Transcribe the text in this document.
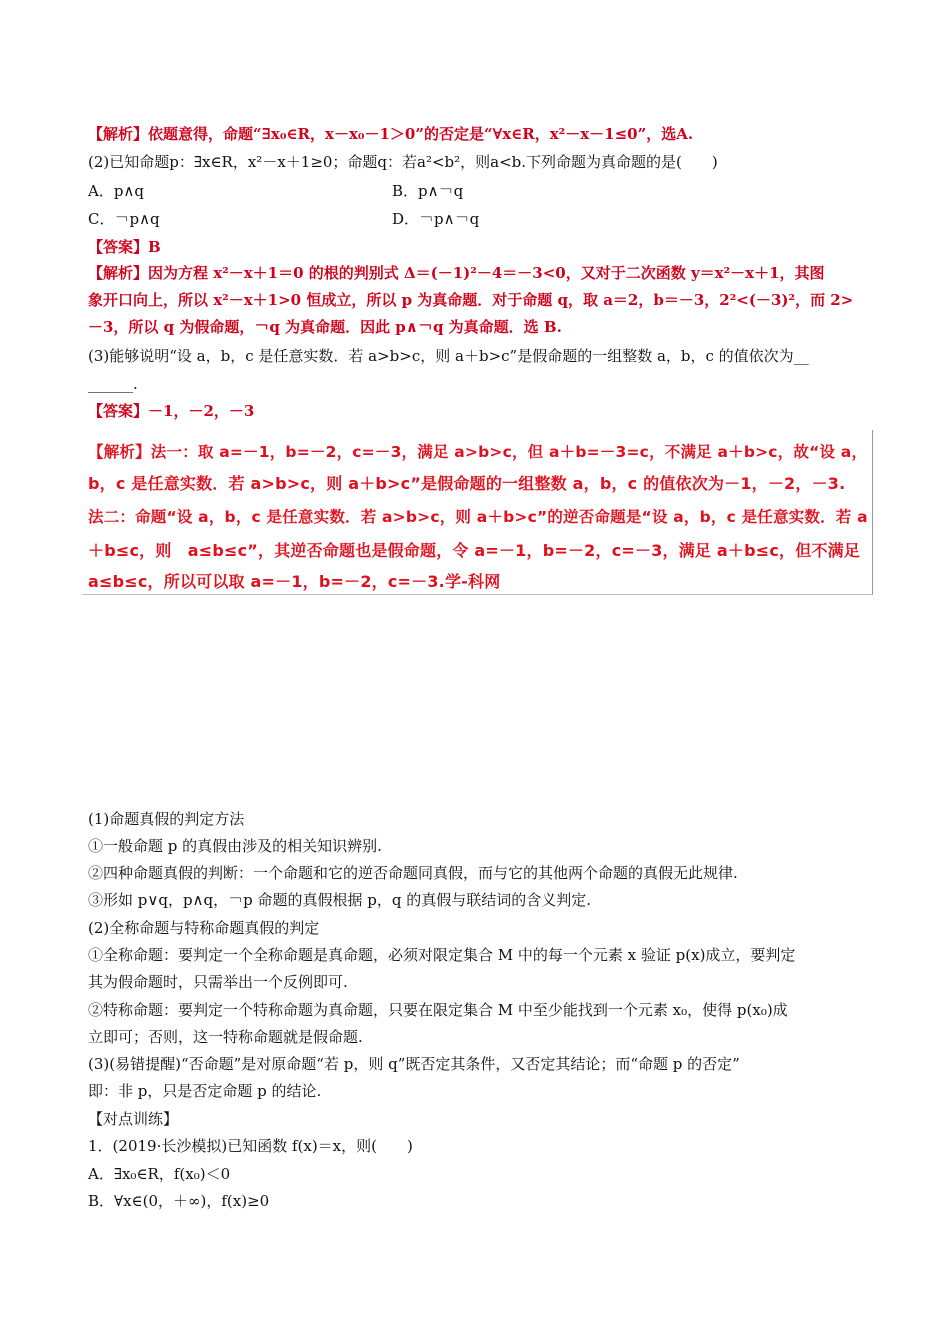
【解析】依题意得，命题“∃x₀∈R，x－x₀－1＞0”的否定是“∀x∈R，x²－x－1≤0”，选A.
(2)已知命题p：∃x∈R，x²－x＋1≥0；命题q：若a²<b²，则a<b.下列命题为真命题的是(　　)
A．p∧q	B．p∧￢q
C．￢p∧q	D．￢p∧￢q
【答案】B
【解析】因为方程 x²－x＋1＝0 的根的判别式 Δ＝(－1)²－4＝－3<0，又对于二次函数 y＝x²－x＋1，其图
象开口向上，所以 x²－x＋1>0 恒成立，所以 p 为真命题．对于命题 q，取 a＝2，b＝－3，2²<(－3)²，而 2>
－3，所以 q 为假命题，￢q 为真命题．因此 p∧￢q 为真命题．选 B.
(3)能够说明“设 a，b，c 是任意实数．若 a>b>c，则 a＋b>c”是假命题的一组整数 a，b，c 的值依次为__
______.
【答案】－1，－2，－3
【解析】法一：取 a=－1，b=－2，c=－3，满足 a>b>c，但 a＋b=－3=c，不满足 a＋b>c，故“设 a，
b，c 是任意实数．若 a>b>c，则 a＋b>c”是假命题的一组整数 a，b，c 的值依次为－1，－2，－3.
法二：命题“设 a，b，c 是任意实数．若 a>b>c，则 a＋b>c”的逆否命题是“设 a，b，c 是任意实数．若 a
＋b≤c，则　a≤b≤c”，其逆否命题也是假命题，令 a=－1，b=－2，c=－3，满足 a＋b≤c，但不满足
a≤b≤c，所以可以取 a=－1，b=－2，c=－3.学-科网
(1)命题真假的判定方法
①一般命题 p 的真假由涉及的相关知识辨别.
②四种命题真假的判断：一个命题和它的逆否命题同真假，而与它的其他两个命题的真假无此规律.
③形如 p∨q，p∧q，￢p 命题的真假根据 p，q 的真假与联结词的含义判定.
(2)全称命题与特称命题真假的判定
①全称命题：要判定一个全称命题是真命题，必须对限定集合 M 中的每一个元素 x 验证 p(x)成立，要判定
其为假命题时，只需举出一个反例即可.
②特称命题：要判定一个特称命题为真命题，只要在限定集合 M 中至少能找到一个元素 x₀，使得 p(x₀)成
立即可；否则，这一特称命题就是假命题.
(3)(易错提醒)“否命题”是对原命题“若 p，则 q”既否定其条件，又否定其结论；而“命题 p 的否定”
即：非 p，只是否定命题 p 的结论.
【对点训练】
1．(2019·长沙模拟)已知函数 f(x)＝x，则(　　)
A．∃x₀∈R，f(x₀)＜0
B．∀x∈(0，＋∞)，f(x)≥0
